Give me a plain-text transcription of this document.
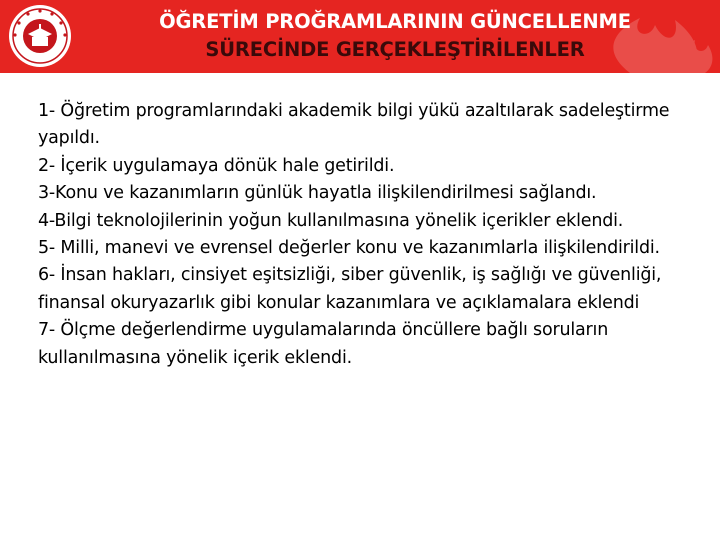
ÖĞRETİM PROĞRAMLARININ GÜNCELLENME
SÜRECİNDE GERÇEKLEŞTİRİLENLER
1- Öğretim programlarındaki akademik bilgi yükü azaltılarak sadeleştirme yapıldı.
2- İçerik uygulamaya dönük hale getirildi.
3-Konu ve kazanımların günlük hayatla ilişkilendirilmesi sağlandı.
4-Bilgi teknolojilerinin yoğun kullanılmasına yönelik içerikler eklendi.
5- Milli, manevi ve evrensel değerler konu ve kazanımlarla ilişkilendirildi.
6- İnsan hakları, cinsiyet eşitsizliği, siber güvenlik, iş sağlığı ve güvenliği, finansal okuryazarlık gibi konular kazanımlara ve açıklamalara eklendi
7- Ölçme değerlendirme uygulamalarında öncüllere bağlı soruların kullanılmasına yönelik içerik eklendi.
